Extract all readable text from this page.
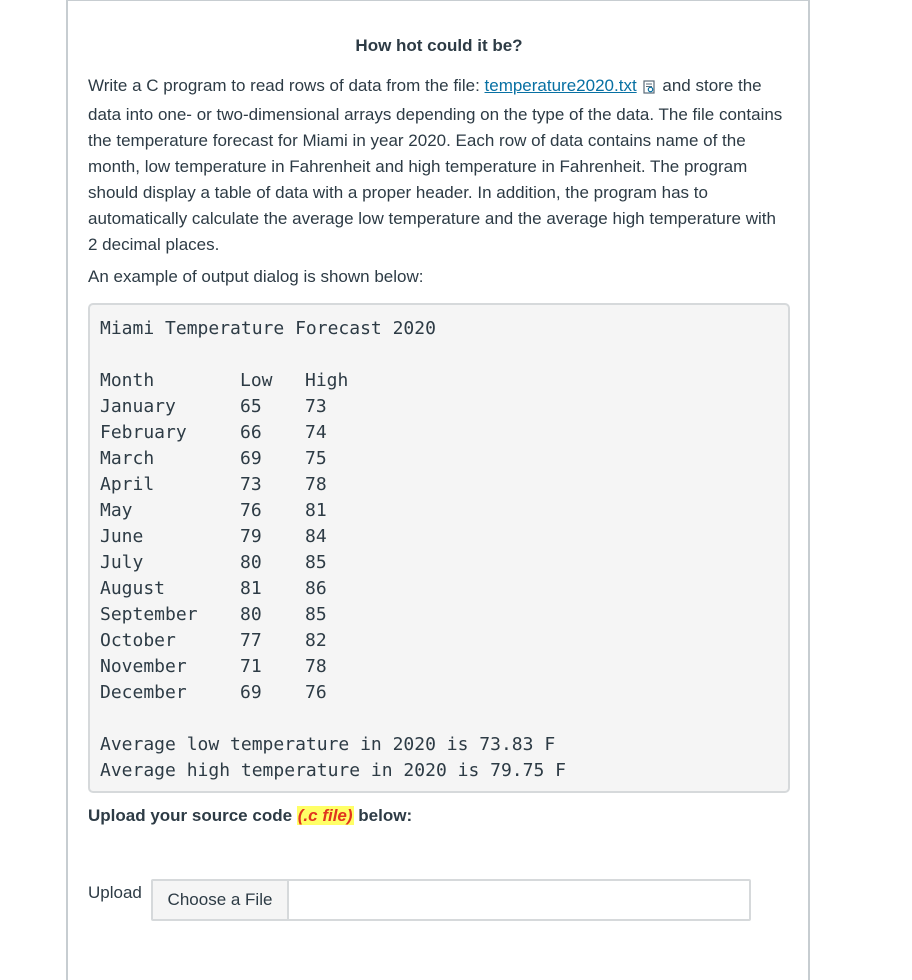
How hot could it be?
Write a C program to read rows of data from the file: temperature2020.txt and store the data into one- or two-dimensional arrays depending on the type of the data. The file contains the temperature forecast for Miami in year 2020. Each row of data contains name of the month, low temperature in Fahrenheit and high temperature in Fahrenheit. The program should display a table of data with a proper header. In addition, the program has to automatically calculate the average low temperature and the average high temperature with 2 decimal places.
An example of output dialog is shown below:
Miami Temperature Forecast 2020
Month	Low High
January	65 73
February	66 74
March	69 75
April	73 78
May	76 81
June	79 84
July	80 85
August	81 86
September 80 85
October	77 82
November	71 78
December	69 76
Average low temperature in 2020 is 73.83 F
Average high temperature in 2020 is 79.75 F
Upload your source code (.c file) below:
Upload	Choose a File
